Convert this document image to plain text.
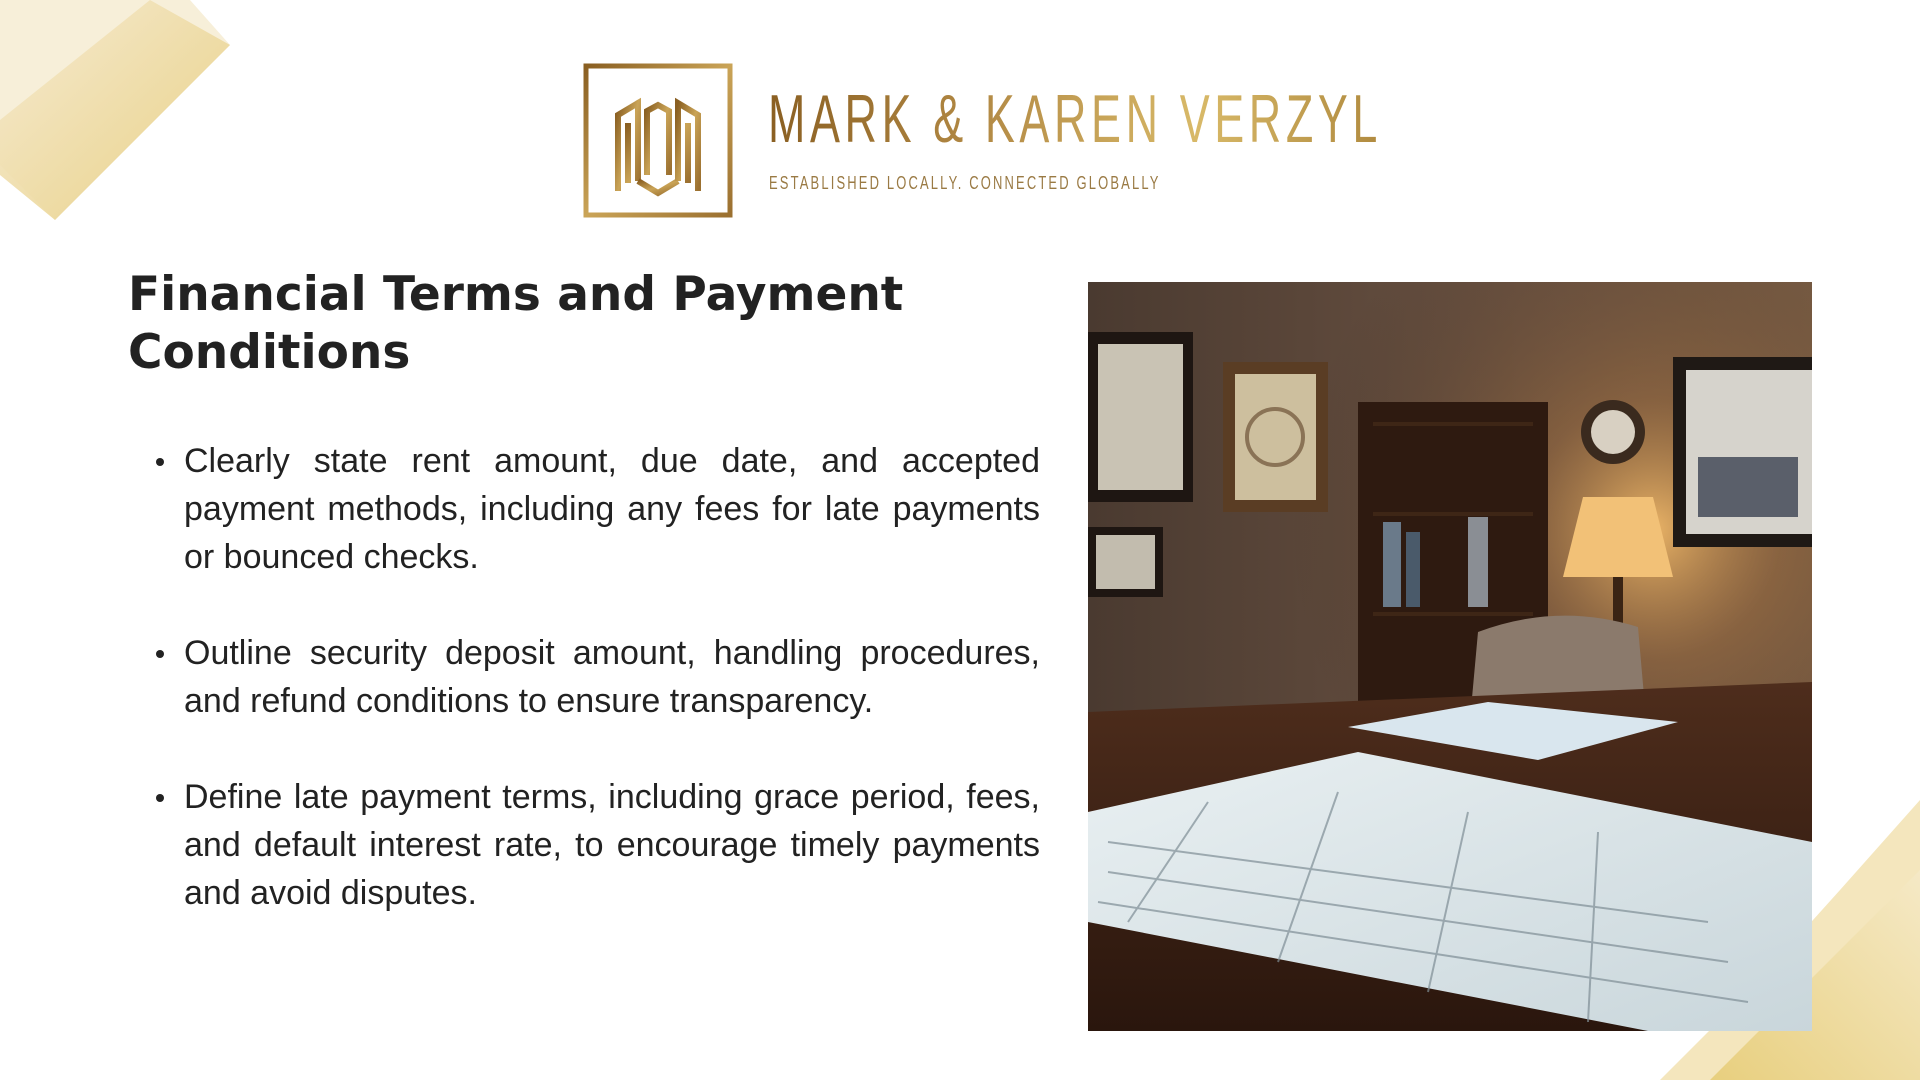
MARK & KAREN VERZYL
ESTABLISHED LOCALLY. CONNECTED GLOBALLY
Financial Terms and Payment Conditions
Clearly state rent amount, due date, and accepted payment methods, including any fees for late payments or bounced checks.
Outline security deposit amount, handling procedures, and refund conditions to ensure transparency.
Define late payment terms, including grace period, fees, and default interest rate, to encourage timely payments and avoid disputes.
